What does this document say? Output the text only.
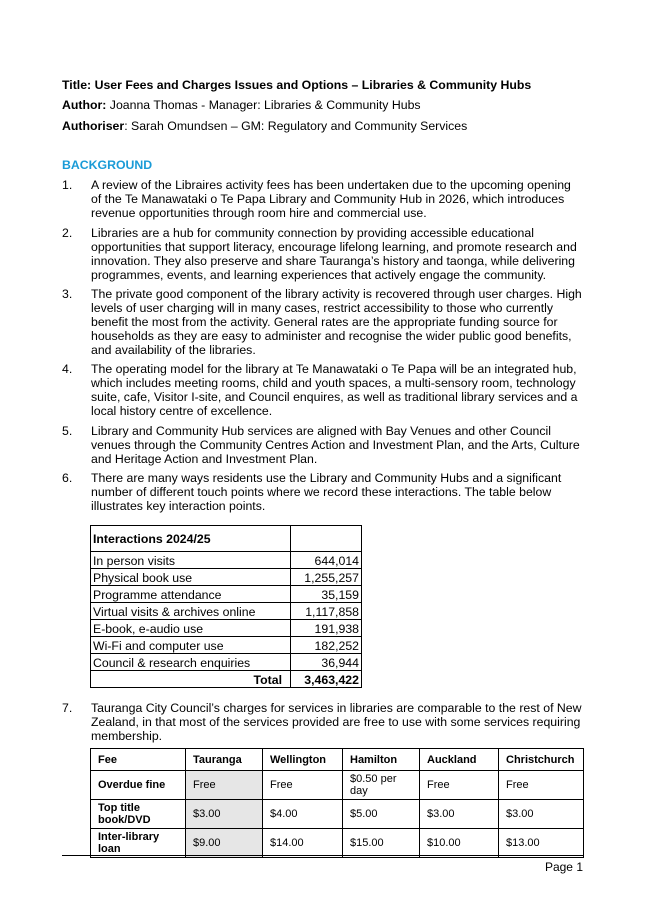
Title: User Fees and Charges Issues and Options – Libraries & Community Hubs
Author: Joanna Thomas - Manager: Libraries & Community Hubs
Authoriser: Sarah Omundsen – GM: Regulatory and Community Services
BACKGROUND
1. A review of the Libraires activity fees has been undertaken due to the upcoming opening of the Te Manawataki o Te Papa Library and Community Hub in 2026, which introduces revenue opportunities through room hire and commercial use.
2. Libraries are a hub for community connection by providing accessible educational opportunities that support literacy, encourage lifelong learning, and promote research and innovation. They also preserve and share Tauranga’s history and taonga, while delivering programmes, events, and learning experiences that actively engage the community.
3. The private good component of the library activity is recovered through user charges. High levels of user charging will in many cases, restrict accessibility to those who currently benefit the most from the activity. General rates are the appropriate funding source for households as they are easy to administer and recognise the wider public good benefits, and availability of the libraries.
4. The operating model for the library at Te Manawataki o Te Papa will be an integrated hub, which includes meeting rooms, child and youth spaces, a multi-sensory room, technology suite, cafe, Visitor I-site, and Council enquires, as well as traditional library services and a local history centre of excellence.
5. Library and Community Hub services are aligned with Bay Venues and other Council venues through the Community Centres Action and Investment Plan, and the Arts, Culture and Heritage Action and Investment Plan.
6. There are many ways residents use the Library and Community Hubs and a significant number of different touch points where we record these interactions. The table below illustrates key interaction points.
Interactions 2024/25	
In person visits	644,014
Physical book use	1,255,257
Programme attendance	35,159
Virtual visits & archives online	1,117,858
E-book, e-audio use	191,938
Wi-Fi and computer use	182,252
Council & research enquiries	36,944
Total	3,463,422
7. Tauranga City Council’s charges for services in libraries are comparable to the rest of New Zealand, in that most of the services provided are free to use with some services requiring membership.
Fee	Tauranga	Wellington	Hamilton	Auckland	Christchurch
Overdue fine	Free	Free	$0.50 per day	Free	Free
Top title book/DVD	$3.00	$4.00	$5.00	$3.00	$3.00
Inter-library loan	$9.00	$14.00	$15.00	$10.00	$13.00
Page 1
